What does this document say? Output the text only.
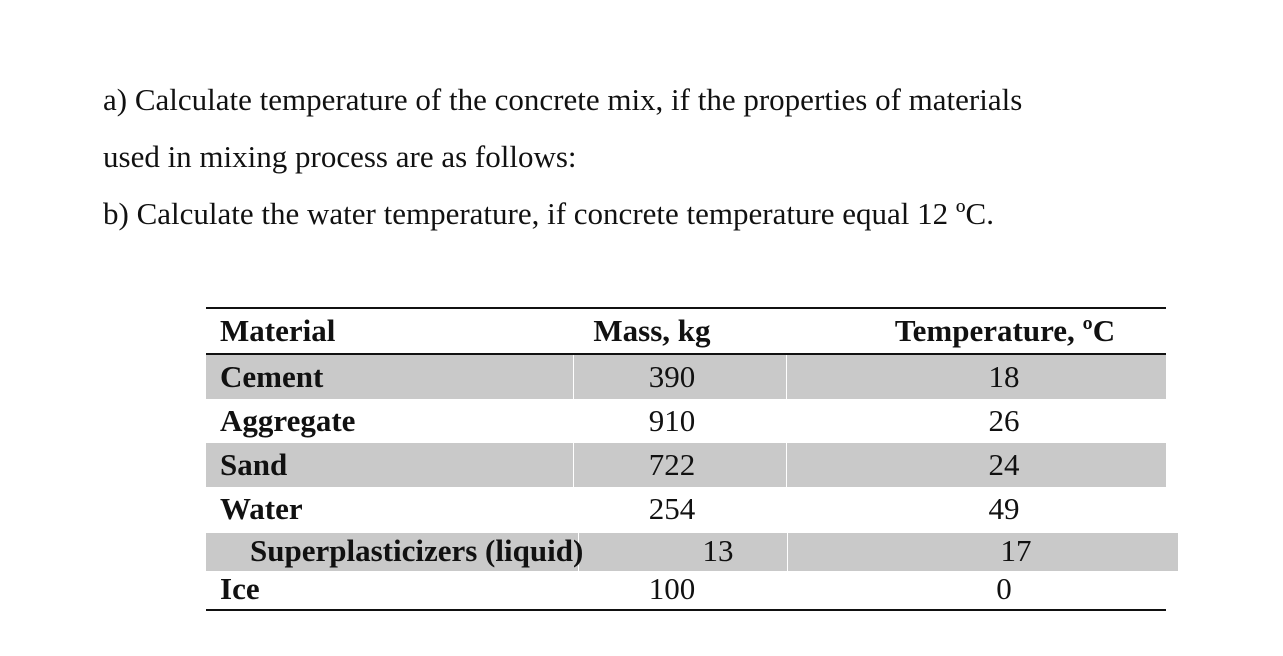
a) Calculate temperature of the concrete mix, if the properties of materials
used in mixing process are as follows:
b) Calculate the water temperature, if concrete temperature equal 12 ºC.
Material	Mass, kg	Temperature, ºC
Cement	390	18
Aggregate	910	26
Sand	722	24
Water	254	49
Superplasticizers (liquid)	13	17
Ice	100	0
